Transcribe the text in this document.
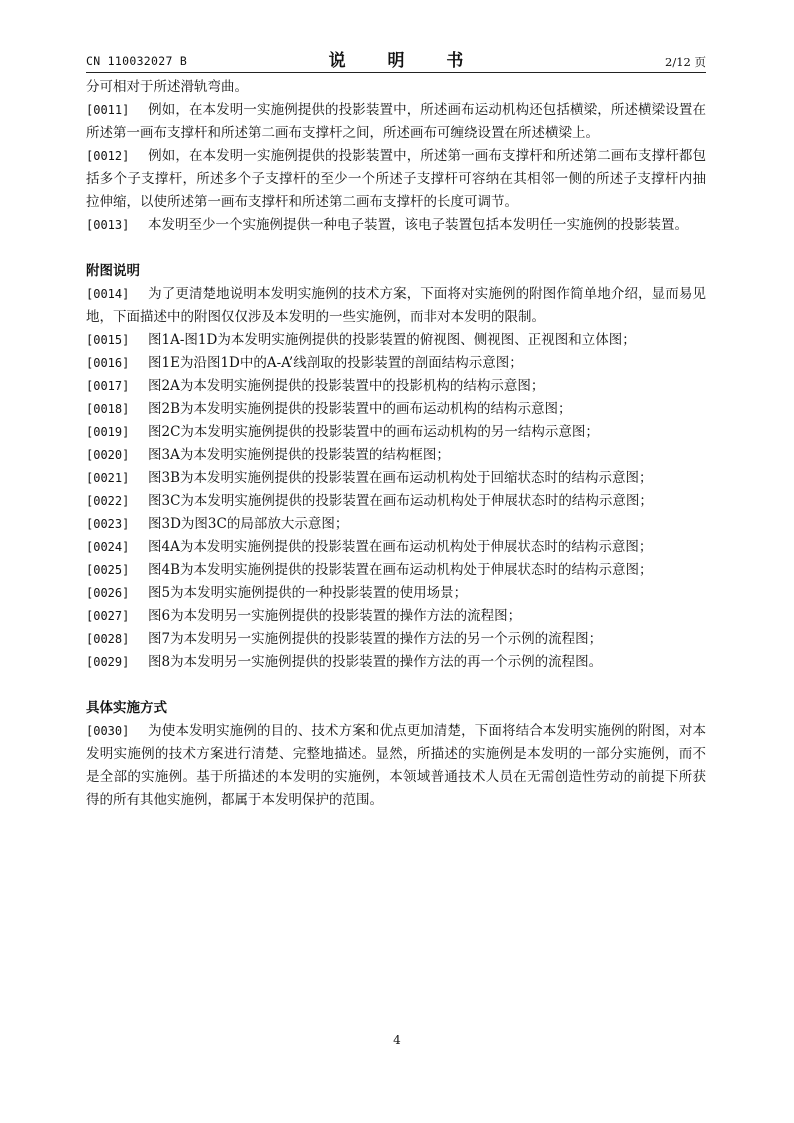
CN 110032027 B	说 明 书	2/12 页

分可相对于所述滑轨弯曲。

[0011] 例如，在本发明一实施例提供的投影装置中，所述画布运动机构还包括横梁，所述横梁设置在所述第一画布支撑杆和所述第二画布支撑杆之间，所述画布可缠绕设置在所述横梁上。

[0012] 例如，在本发明一实施例提供的投影装置中，所述第一画布支撑杆和所述第二画布支撑杆都包括多个子支撑杆，所述多个子支撑杆的至少一个所述子支撑杆可容纳在其相邻一侧的所述子支撑杆内抽拉伸缩，以使所述第一画布支撑杆和所述第二画布支撑杆的长度可调节。

[0013] 本发明至少一个实施例提供一种电子装置，该电子装置包括本发明任一实施例的投影装置。

附图说明

[0014] 为了更清楚地说明本发明实施例的技术方案，下面将对实施例的附图作简单地介绍，显而易见地，下面描述中的附图仅仅涉及本发明的一些实施例，而非对本发明的限制。

[0015] 图1A-图1D为本发明实施例提供的投影装置的俯视图、侧视图、正视图和立体图；

[0016] 图1E为沿图1D中的A-A’线剖取的投影装置的剖面结构示意图；

[0017] 图2A为本发明实施例提供的投影装置中的投影机构的结构示意图；

[0018] 图2B为本发明实施例提供的投影装置中的画布运动机构的结构示意图；

[0019] 图2C为本发明实施例提供的投影装置中的画布运动机构的另一结构示意图；

[0020] 图3A为本发明实施例提供的投影装置的结构框图；

[0021] 图3B为本发明实施例提供的投影装置在画布运动机构处于回缩状态时的结构示意图；

[0022] 图3C为本发明实施例提供的投影装置在画布运动机构处于伸展状态时的结构示意图；

[0023] 图3D为图3C的局部放大示意图；

[0024] 图4A为本发明实施例提供的投影装置在画布运动机构处于伸展状态时的结构示意图；

[0025] 图4B为本发明实施例提供的投影装置在画布运动机构处于伸展状态时的结构示意图；

[0026] 图5为本发明实施例提供的一种投影装置的使用场景；

[0027] 图6为本发明另一实施例提供的投影装置的操作方法的流程图；

[0028] 图7为本发明另一实施例提供的投影装置的操作方法的另一个示例的流程图；

[0029] 图8为本发明另一实施例提供的投影装置的操作方法的再一个示例的流程图。

具体实施方式

[0030] 为使本发明实施例的目的、技术方案和优点更加清楚，下面将结合本发明实施例的附图，对本发明实施例的技术方案进行清楚、完整地描述。显然，所描述的实施例是本发明的一部分实施例，而不是全部的实施例。基于所描述的本发明的实施例，本领域普通技术人员在无需创造性劳动的前提下所获得的所有其他实施例，都属于本发明保护的范围。

4
